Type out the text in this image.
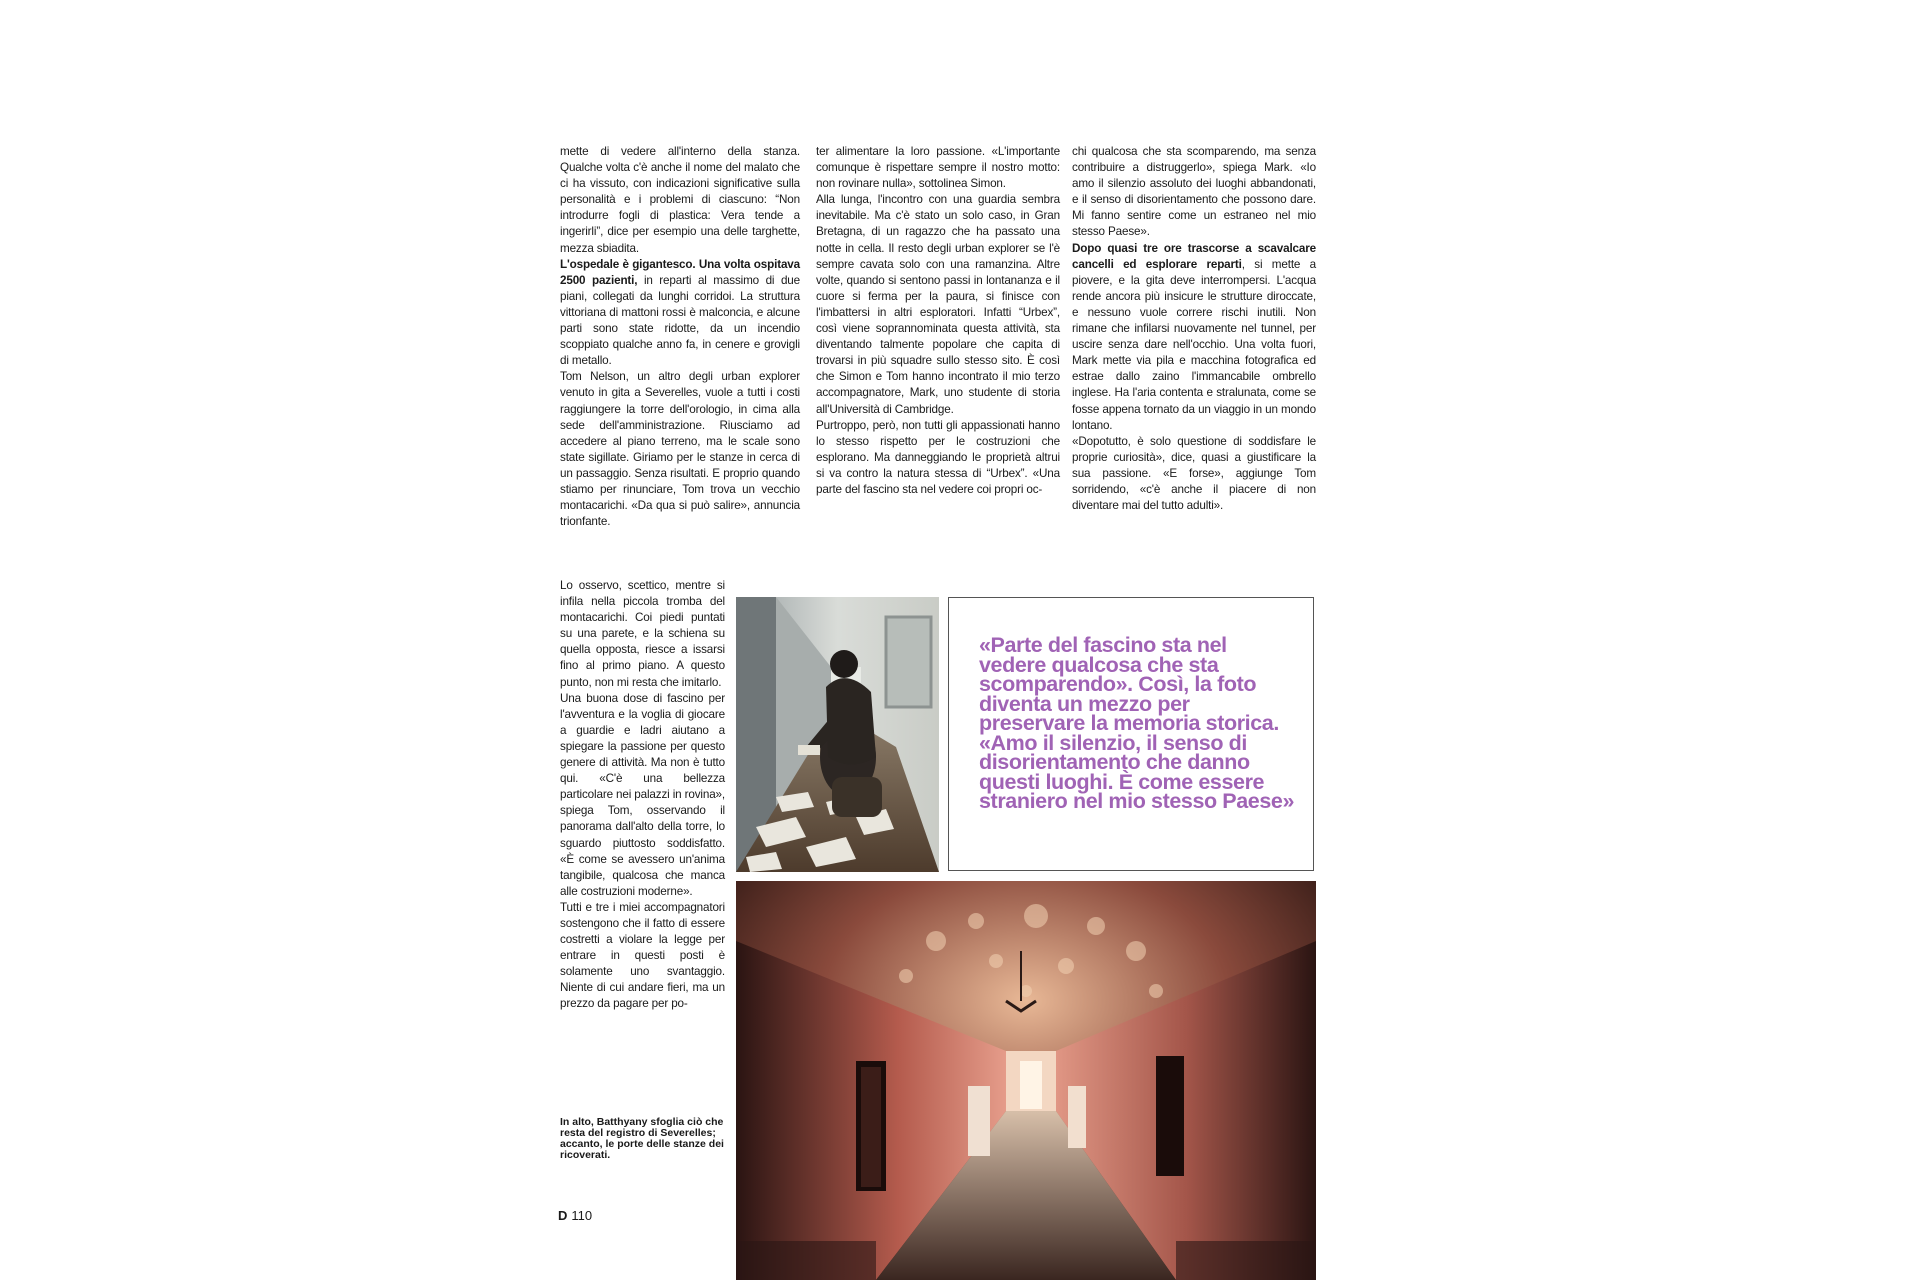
mette di vedere all'interno della stanza. Qualche volta c'è anche il nome del malato che ci ha vissuto, con indicazioni significative sulla personalità e i problemi di ciascuno: “Non introdurre fogli di plastica: Vera tende a ingerirli”, dice per esempio una delle targhette, mezza sbiadita.

L'ospedale è gigantesco. Una volta ospitava 2500 pazienti, in reparti al massimo di due piani, collegati da lunghi corridoi. La struttura vittoriana di mattoni rossi è malconcia, e alcune parti sono state ridotte, da un incendio scoppiato qualche anno fa, in cenere e grovigli di metallo.

Tom Nelson, un altro degli urban explorer venuto in gita a Severelles, vuole a tutti i costi raggiungere la torre dell'orologio, in cima alla sede dell'amministrazione. Riusciamo ad accedere al piano terreno, ma le scale sono state sigillate. Giriamo per le stanze in cerca di un passaggio. Senza risultati. E proprio quando stiamo per rinunciare, Tom trova un vecchio montacarichi. «Da qua si può salire», annuncia trionfante.

Lo osservo, scettico, mentre si infila nella piccola tromba del montacarichi. Coi piedi puntati su una parete, e la schiena su quella opposta, riesce a issarsi fino al primo piano. A questo punto, non mi resta che imitarlo.

Una buona dose di fascino per l'avventura e la voglia di giocare a guardie e ladri aiutano a spiegare la passione per questo genere di attività. Ma non è tutto qui. «C'è una bellezza particolare nei palazzi in rovina», spiega Tom, osservando il panorama dall'alto della torre, lo sguardo piuttosto soddisfatto. «È come se avessero un'anima tangibile, qualcosa che manca alle costruzioni moderne».

Tutti e tre i miei accompagnatori sostengono che il fatto di essere costretti a violare la legge per entrare in questi posti è solamente uno svantaggio. Niente di cui andare fieri, ma un prezzo da pagare per po-

In alto, Batthyany sfoglia ciò che resta del registro di Severelles; accanto, le porte delle stanze dei ricoverati.
D 110

ter alimentare la loro passione. «L'importante comunque è rispettare sempre il nostro motto: non rovinare nulla», sottolinea Simon.

Alla lunga, l'incontro con una guardia sembra inevitabile. Ma c'è stato un solo caso, in Gran Bretagna, di un ragazzo che ha passato una notte in cella. Il resto degli urban explorer se l'è sempre cavata solo con una ramanzina. Altre volte, quando si sentono passi in lontananza e il cuore si ferma per la paura, si finisce con l'imbattersi in altri esploratori. Infatti “Urbex”, così viene soprannominata questa attività, sta diventando talmente popolare che capita di trovarsi in più squadre sullo stesso sito. È così che Simon e Tom hanno incontrato il mio terzo accompagnatore, Mark, uno studente di storia all'Università di Cambridge.

Purtroppo, però, non tutti gli appassionati hanno lo stesso rispetto per le costruzioni che esplorano. Ma danneggiando le proprietà altrui si va contro la natura stessa di “Urbex”. «Una parte del fascino sta nel vedere coi propri oc-

chi qualcosa che sta scomparendo, ma senza contribuire a distruggerlo», spiega Mark. «Io amo il silenzio assoluto dei luoghi abbandonati, e il senso di disorientamento che possono dare. Mi fanno sentire come un estraneo nel mio stesso Paese».

Dopo quasi tre ore trascorse a scavalcare cancelli ed esplorare reparti, si mette a piovere, e la gita deve interrompersi. L'acqua rende ancora più insicure le strutture diroccate, e nessuno vuole correre rischi inutili. Non rimane che infilarsi nuovamente nel tunnel, per uscire senza dare nell'occhio. Una volta fuori, Mark mette via pila e macchina fotografica ed estrae dallo zaino l'immancabile ombrello inglese. Ha l'aria contenta e stralunata, come se fosse appena tornato da un viaggio in un mondo lontano.

«Dopotutto, è solo questione di soddisfare le proprie curiosità», dice, quasi a giustificare la sua passione. «E forse», aggiunge Tom sorridendo, «c'è anche il piacere di non diventare mai del tutto adulti».

«Parte del fascino sta nel vedere qualcosa che sta scomparendo». Così, la foto diventa un mezzo per preservare la memoria storica. «Amo il silenzio, il senso di disorientamento che danno questi luoghi. È come essere straniero nel mio stesso Paese»
